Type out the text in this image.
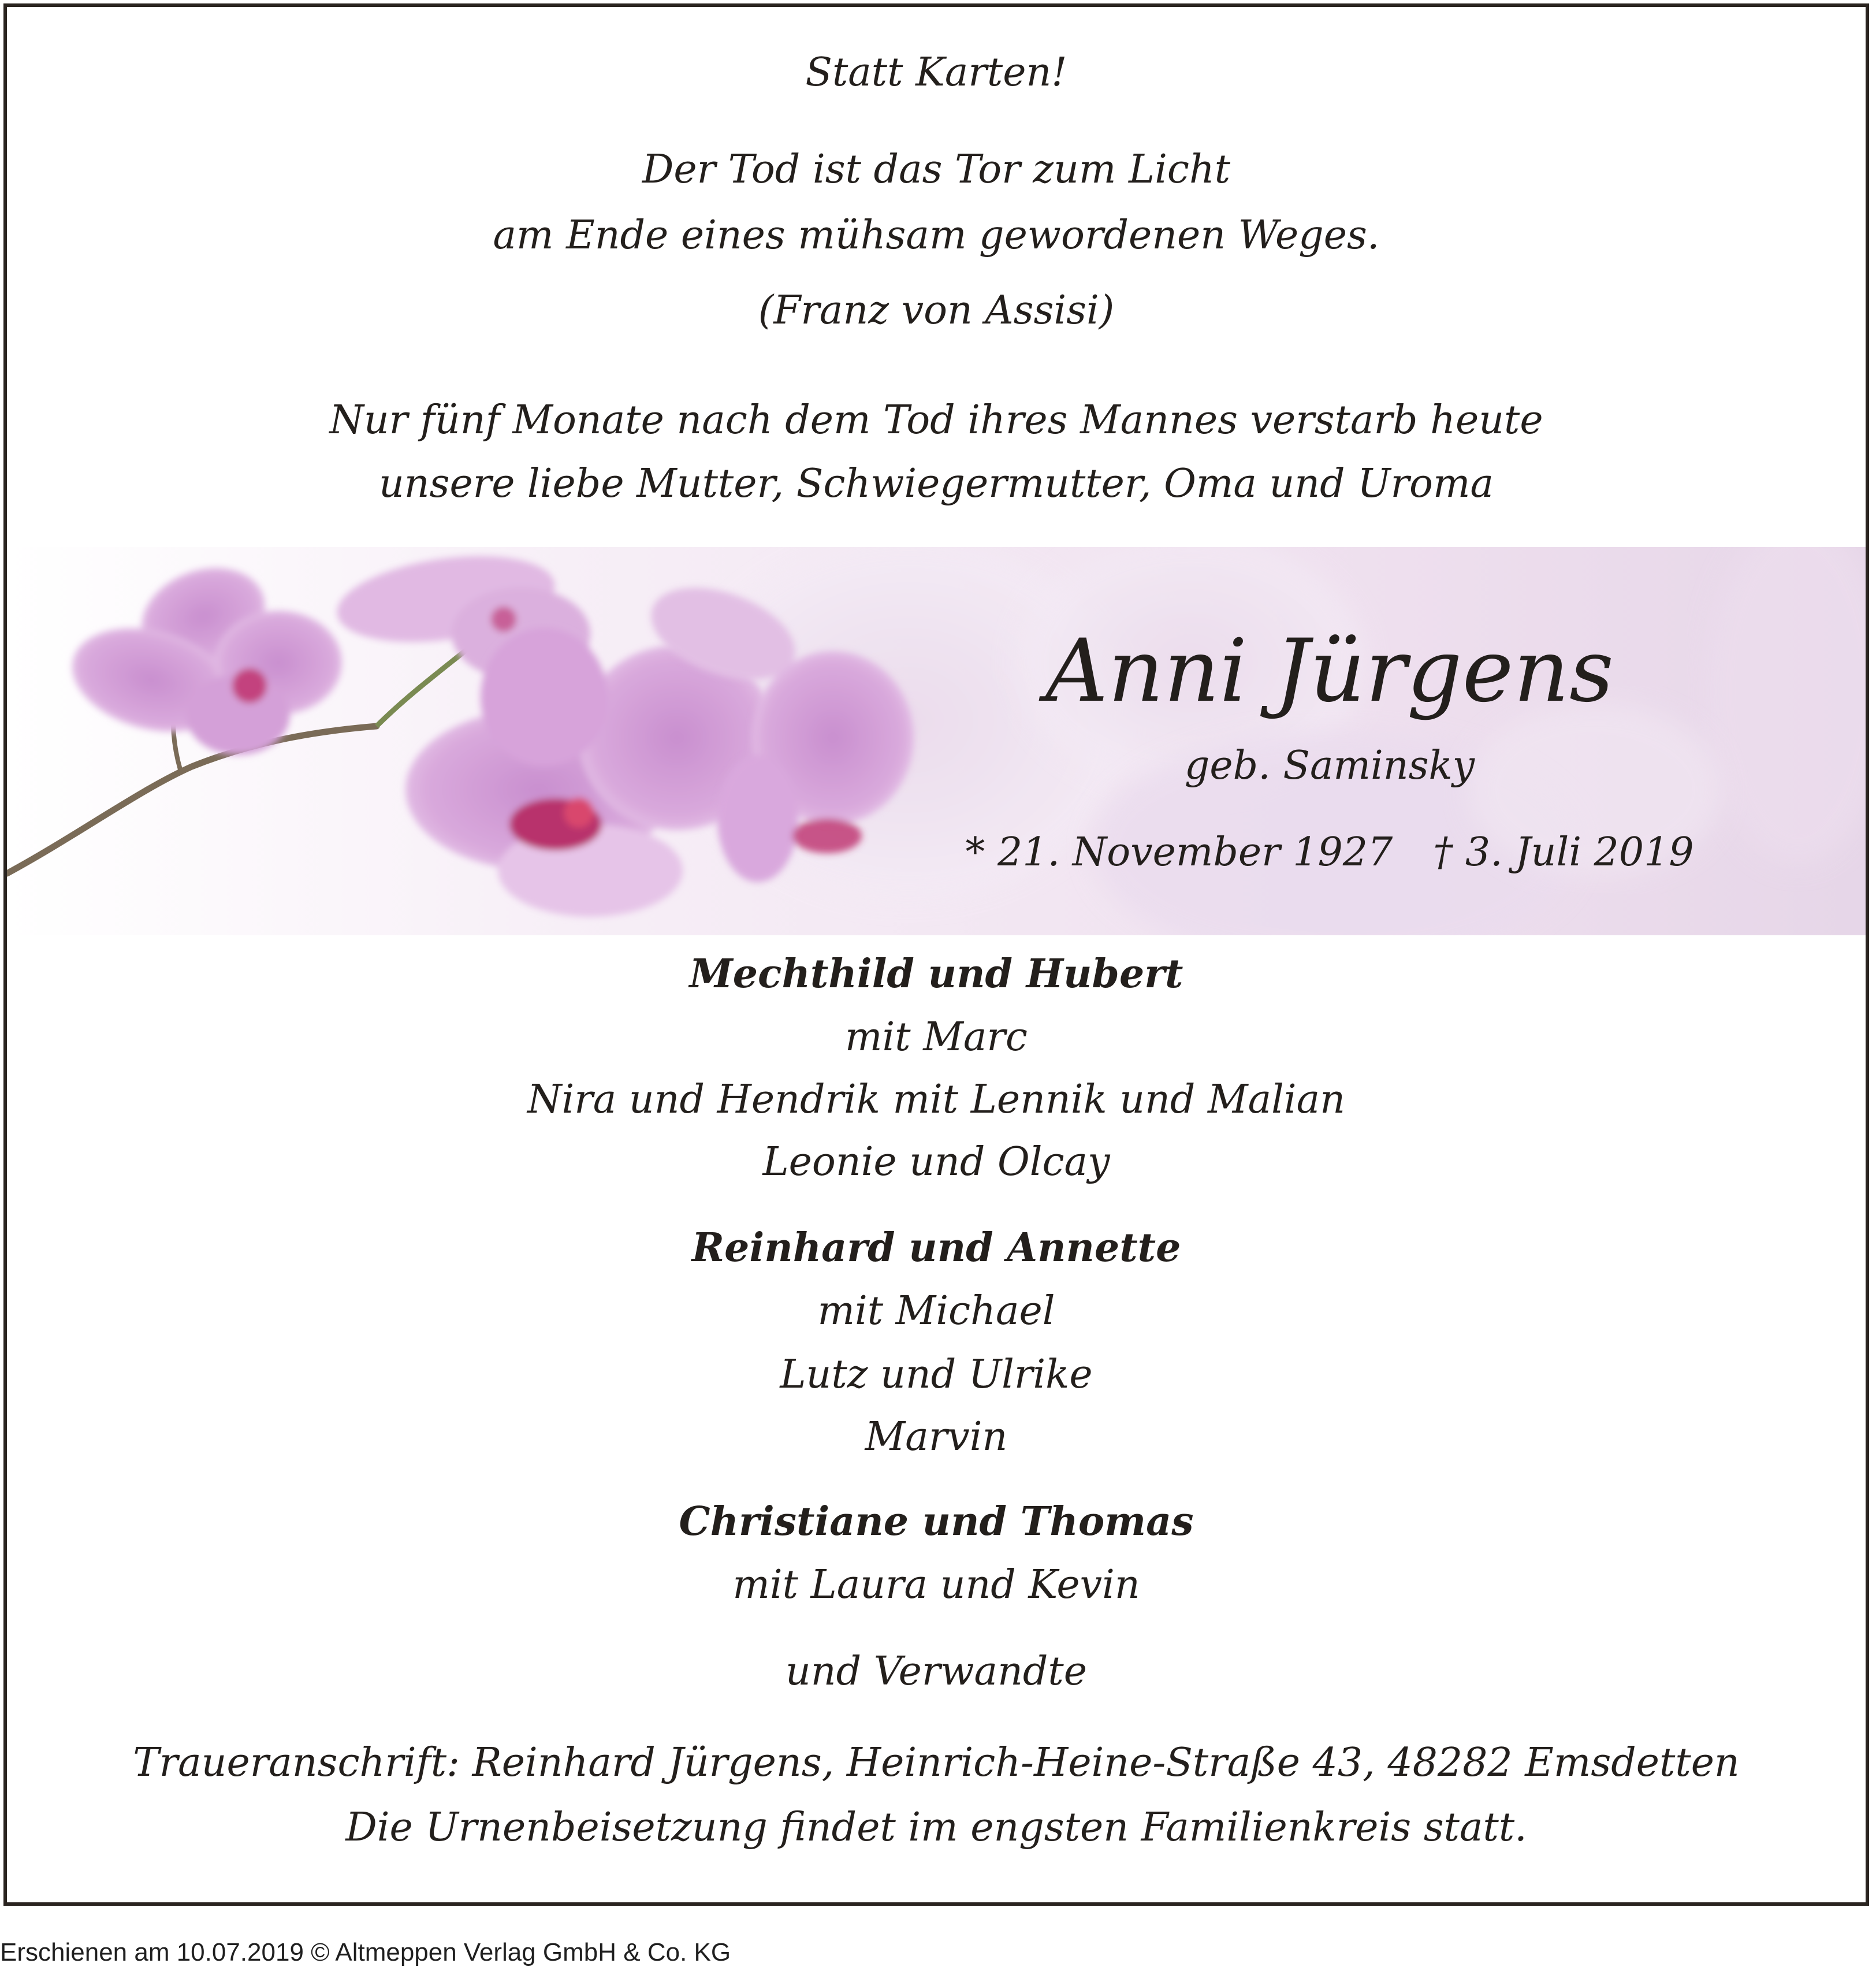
Statt Karten!
Der Tod ist das Tor zum Licht
am Ende eines mühsam gewordenen Weges.
(Franz von Assisi)
Nur fünf Monate nach dem Tod ihres Mannes verstarb heute
unsere liebe Mutter, Schwiegermutter, Oma und Uroma
Anni Jürgens
geb. Saminsky
* 21. November 1927 † 3. Juli 2019
Mechthild und Hubert
mit Marc
Nira und Hendrik mit Lennik und Malian
Leonie und Olcay
Reinhard und Annette
mit Michael
Lutz und Ulrike
Marvin
Christiane und Thomas
mit Laura und Kevin
und Verwandte
Traueranschrift: Reinhard Jürgens, Heinrich-Heine-Straße 43, 48282 Emsdetten
Die Urnenbeisetzung findet im engsten Familienkreis statt.
Erschienen am 10.07.2019 © Altmeppen Verlag GmbH & Co. KG
